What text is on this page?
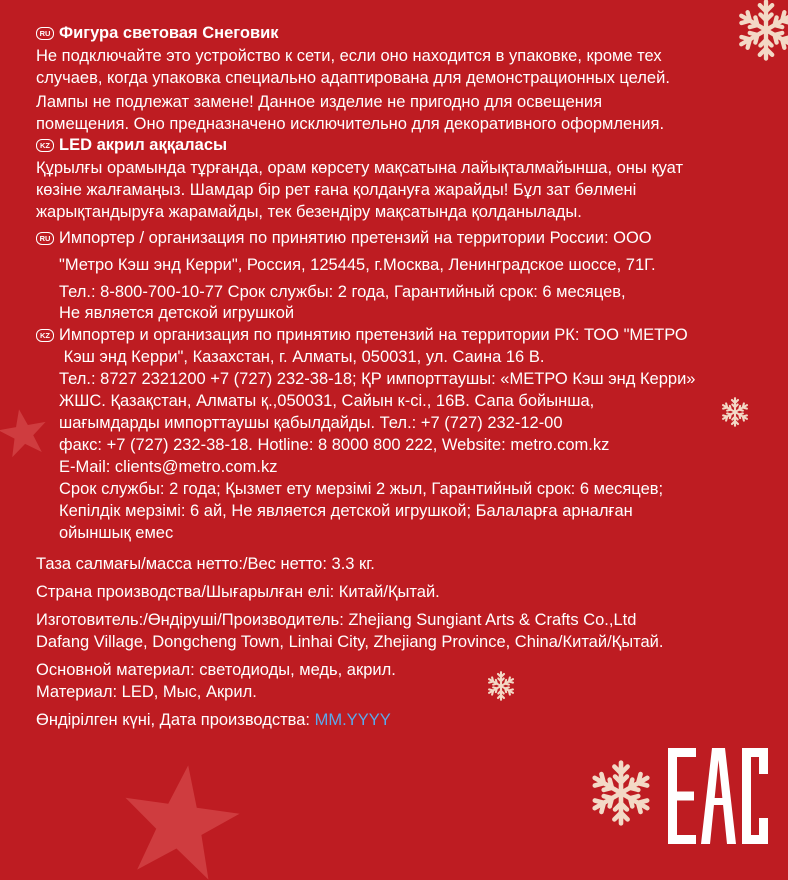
RU Фигура световая Снеговик
Не подключайте это устройство к сети, если оно находится в упаковке, кроме тех
случаев, когда упаковка специально адаптирована для демонстрационных целей.
Лампы не подлежат замене! Данное изделие не пригодно для освещения
помещения. Оно предназначено исключительно для декоративного оформления.
KZ LED акрил аққаласы
Құрылғы орамында тұрғанда, орам көрсету мақсатына лайықталмайынша, оны қуат
көзіне жалғамаңыз. Шамдар бір рет ғана қолдануға жарайды! Бұл зат бөлмені
жарықтандыруға жарамайды, тек безендіру мақсатында қолданылады.
RU Импортер / организация по принятию претензий на территории России: ООО
"Метро Кэш энд Керри", Россия, 125445, г.Москва, Ленинградское шоссе, 71Г.
Тел.: 8-800-700-10-77 Срок службы: 2 года, Гарантийный срок: 6 месяцев,
Не является детской игрушкой
KZ Импортер и организация по принятию претензий на территории РК: ТОО "МЕТРО
Кэш энд Керри", Казахстан, г. Алматы, 050031, ул. Саина 16 В.
Тел.: 8727 2321200 +7 (727) 232-38-18; ҚР импорттаушы: «МЕТРО Кэш энд Керри»
ЖШС. Қазақстан, Алматы қ.,050031, Сайын к-сі., 16В. Сапа бойынша,
шағымдарды импорттаушы қабылдайды. Тел.: +7 (727) 232-12-00
факс: +7 (727) 232-38-18. Hotline: 8 8000 800 222, Website: metro.com.kz
E-Mail: clients@metro.com.kz
Срок службы: 2 года; Қызмет ету мерзімі 2 жыл, Гарантийный срок: 6 месяцев;
Кепілдік мерзімі: 6 ай, Не является детской игрушкой; Балаларға арналған
ойыншық емес
Таза салмағы/масса нетто:/Вес нетто: 3.3 кг.
Страна производства/Шығарылған елі: Китай/Қытай.
Изготовитель:/Өндіруші/Производитель: Zhejiang Sungiant Arts & Crafts Co.,Ltd
Dafang Village, Dongcheng Town, Linhai City, Zhejiang Province, China/Китай/Қытай.
Основной материал: светодиоды, медь, акрил.
Материал: LED, Мыс, Акрил.
Өндірілген күні, Дата производства: MM.YYYY
